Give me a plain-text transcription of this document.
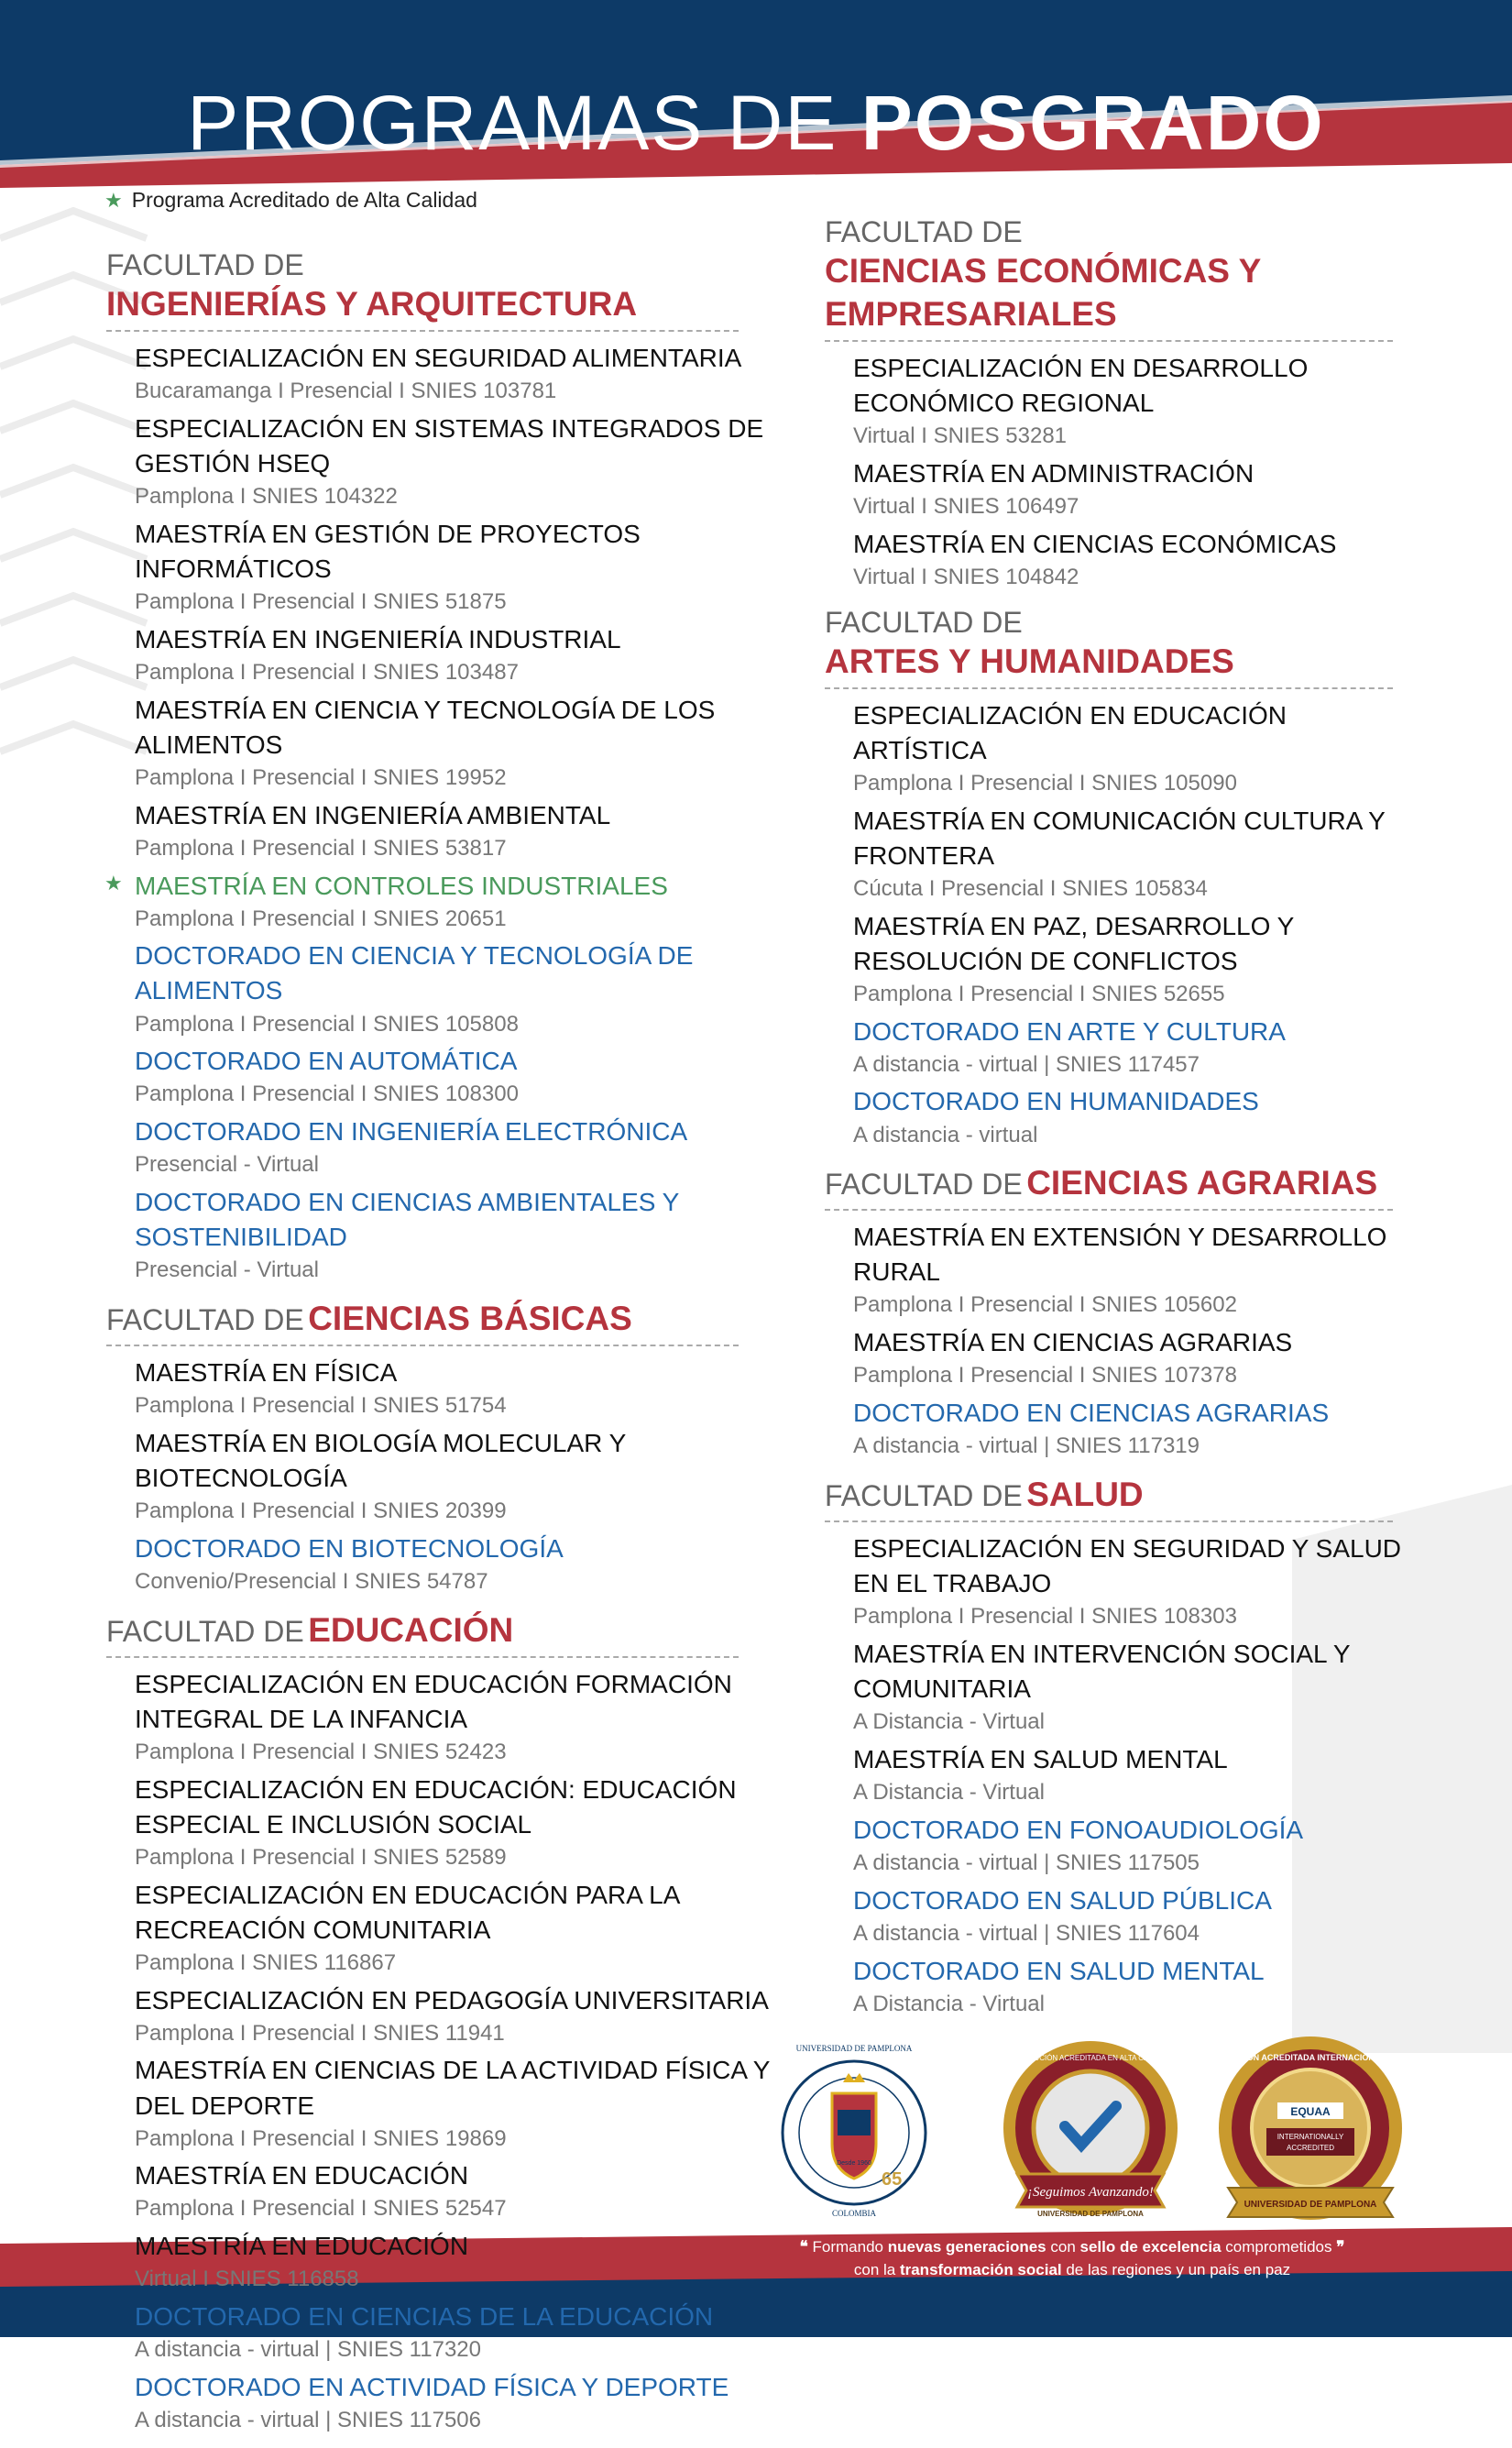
PROGRAMAS DE POSGRADO
★ Programa Acreditado de Alta Calidad
FACULTAD DE
INGENIERÍAS Y ARQUITECTURA
ESPECIALIZACIÓN EN SEGURIDAD ALIMENTARIA
Bucaramanga I Presencial I SNIES 103781
ESPECIALIZACIÓN EN SISTEMAS INTEGRADOS DE GESTIÓN HSEQ
Pamplona I SNIES 104322
MAESTRÍA EN GESTIÓN DE PROYECTOS INFORMÁTICOS
Pamplona I Presencial I SNIES 51875
MAESTRÍA EN INGENIERÍA INDUSTRIAL
Pamplona I Presencial I SNIES 103487
MAESTRÍA EN CIENCIA Y TECNOLOGÍA DE LOS ALIMENTOS
Pamplona I Presencial I SNIES 19952
MAESTRÍA EN INGENIERÍA AMBIENTAL
Pamplona I Presencial I SNIES 53817
★ MAESTRÍA EN CONTROLES INDUSTRIALES
Pamplona I Presencial I SNIES 20651
DOCTORADO EN CIENCIA Y TECNOLOGÍA DE ALIMENTOS
Pamplona I Presencial I SNIES 105808
DOCTORADO EN AUTOMÁTICA
Pamplona I Presencial I SNIES 108300
DOCTORADO EN INGENIERÍA ELECTRÓNICA
Presencial - Virtual
DOCTORADO EN CIENCIAS AMBIENTALES Y SOSTENIBILIDAD
Presencial - Virtual
FACULTAD DE CIENCIAS BÁSICAS
MAESTRÍA EN FÍSICA
Pamplona I Presencial I SNIES 51754
MAESTRÍA EN BIOLOGÍA MOLECULAR Y BIOTECNOLOGÍA
Pamplona I Presencial I SNIES 20399
DOCTORADO EN BIOTECNOLOGÍA
Convenio/Presencial I SNIES 54787
FACULTAD DE EDUCACIÓN
ESPECIALIZACIÓN EN EDUCACIÓN FORMACIÓN INTEGRAL DE LA INFANCIA
Pamplona I Presencial I SNIES 52423
ESPECIALIZACIÓN EN EDUCACIÓN: EDUCACIÓN ESPECIAL E INCLUSIÓN SOCIAL
Pamplona I Presencial I SNIES 52589
ESPECIALIZACIÓN EN EDUCACIÓN PARA LA RECREACIÓN COMUNITARIA
Pamplona I SNIES 116867
ESPECIALIZACIÓN EN PEDAGOGÍA UNIVERSITARIA
Pamplona I Presencial I SNIES 11941
MAESTRÍA EN CIENCIAS DE LA ACTIVIDAD FÍSICA Y DEL DEPORTE
Pamplona I Presencial I SNIES 19869
MAESTRÍA EN EDUCACIÓN
Pamplona I Presencial I SNIES 52547
MAESTRÍA EN EDUCACIÓN
Virtual I SNIES 116858
DOCTORADO EN CIENCIAS DE LA EDUCACIÓN
A distancia - virtual | SNIES 117320
DOCTORADO EN ACTIVIDAD FÍSICA Y DEPORTE
A distancia - virtual | SNIES 117506
FACULTAD DE
CIENCIAS ECONÓMICAS Y EMPRESARIALES
ESPECIALIZACIÓN EN DESARROLLO ECONÓMICO REGIONAL
Virtual I SNIES 53281
MAESTRÍA EN ADMINISTRACIÓN
Virtual I SNIES 106497
MAESTRÍA EN CIENCIAS ECONÓMICAS
Virtual I SNIES 104842
FACULTAD DE
ARTES Y HUMANIDADES
ESPECIALIZACIÓN EN EDUCACIÓN ARTÍSTICA
Pamplona I Presencial I SNIES 105090
MAESTRÍA EN COMUNICACIÓN CULTURA Y FRONTERA
Cúcuta I Presencial I SNIES 105834
MAESTRÍA EN PAZ, DESARROLLO Y RESOLUCIÓN DE CONFLICTOS
Pamplona I Presencial I SNIES 52655
DOCTORADO EN ARTE Y CULTURA
A distancia - virtual | SNIES 117457
DOCTORADO EN HUMANIDADES
A distancia - virtual
FACULTAD DE CIENCIAS AGRARIAS
MAESTRÍA EN EXTENSIÓN Y DESARROLLO RURAL
Pamplona I Presencial I SNIES 105602
MAESTRÍA EN CIENCIAS AGRARIAS
Pamplona I Presencial I SNIES 107378
DOCTORADO EN CIENCIAS AGRARIAS
A distancia - virtual | SNIES 117319
FACULTAD DE SALUD
ESPECIALIZACIÓN EN SEGURIDAD Y SALUD EN EL TRABAJO
Pamplona I Presencial I SNIES 108303
MAESTRÍA EN INTERVENCIÓN SOCIAL Y COMUNITARIA
A Distancia - Virtual
MAESTRÍA EN SALUD MENTAL
A Distancia - Virtual
DOCTORADO EN FONOAUDIOLOGÍA
A distancia - virtual | SNIES 117505
DOCTORADO EN SALUD PÚBLICA
A distancia - virtual | SNIES 117604
DOCTORADO EN SALUD MENTAL
A Distancia - Virtual
65
UNIVERSIDAD DE PAMPLONA
Desde 1960
COLOMBIA
¡Seguimos Avanzando!
INSTITUCIÓN ACREDITADA EN ALTA CALIDAD
UNIVERSIDAD DE PAMPLONA
EQUAA
INTERNATIONALLY
ACCREDITED
UNIVERSIDAD DE PAMPLONA
INSTITUCIÓN ACREDITADA INTERNACIONALMENTE
❝ Formando nuevas generaciones con sello de excelencia comprometidos ❞
con la transformación social de las regiones y un país en paz
